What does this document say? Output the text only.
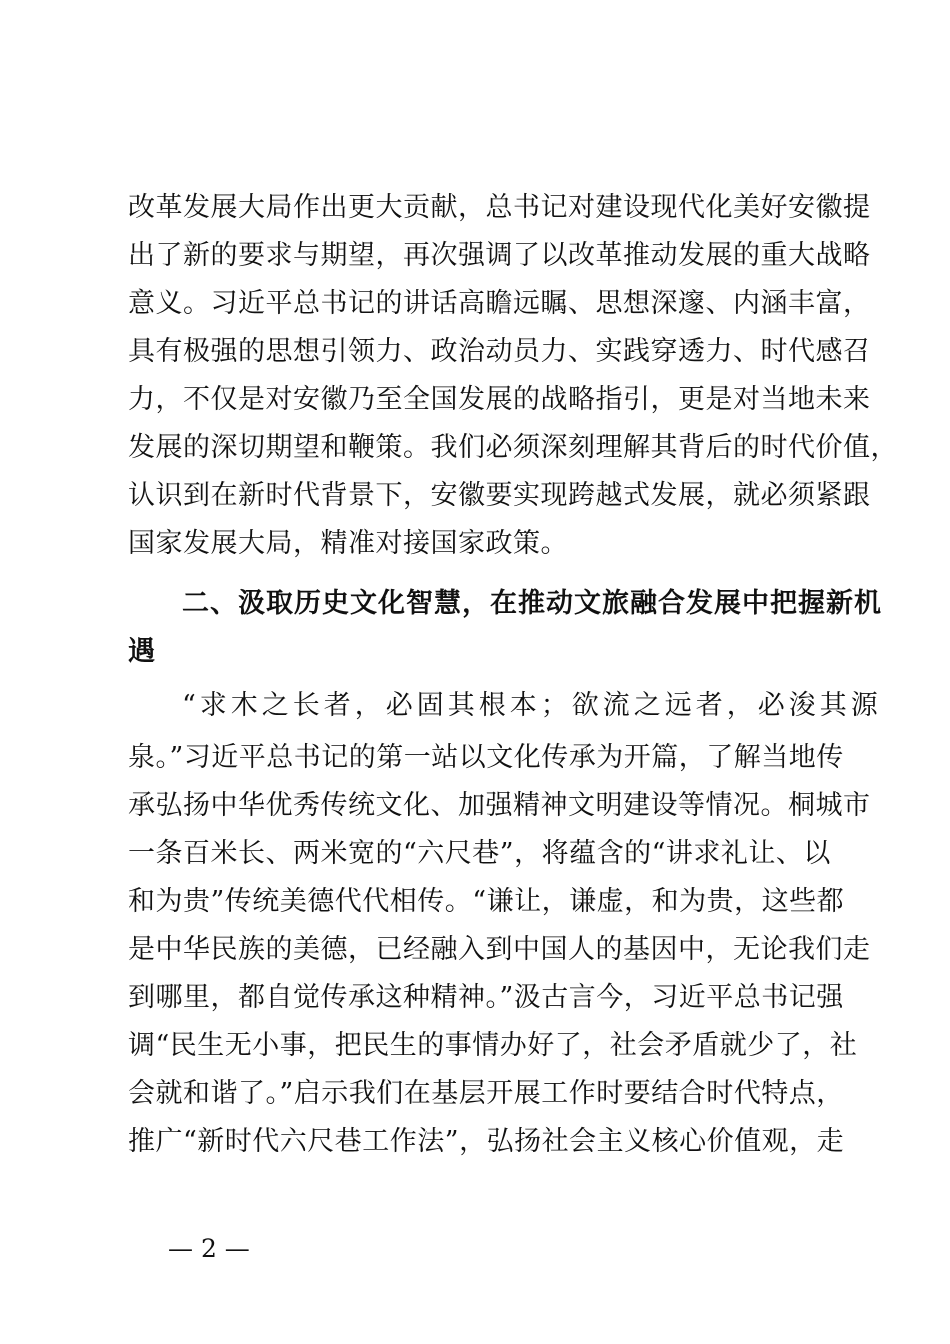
改革发展大局作出更大贡献，总书记对建设现代化美好安徽提
出了新的要求与期望，再次强调了以改革推动发展的重大战略
意义。习近平总书记的讲话高瞻远瞩、思想深邃、内涵丰富，
具有极强的思想引领力、政治动员力、实践穿透力、时代感召
力，不仅是对安徽乃至全国发展的战略指引，更是对当地未来
发展的深切期望和鞭策。我们必须深刻理解其背后的时代价值，
认识到在新时代背景下，安徽要实现跨越式发展，就必须紧跟
国家发展大局，精准对接国家政策。
二、汲取历史文化智慧，在推动文旅融合发展中把握新机
遇
“求木之长者，必固其根本；欲流之远者，必浚其源
泉。”习近平总书记的第一站以文化传承为开篇，了解当地传
承弘扬中华优秀传统文化、加强精神文明建设等情况。桐城市
一条百米长、两米宽的“六尺巷”，将蕴含的“讲求礼让、以
和为贵”传统美德代代相传。“谦让，谦虚，和为贵，这些都
是中华民族的美德，已经融入到中国人的基因中，无论我们走
到哪里，都自觉传承这种精神。”汲古言今，习近平总书记强
调“民生无小事，把民生的事情办好了，社会矛盾就少了，社
会就和谐了。”启示我们在基层开展工作时要结合时代特点，
推广“新时代六尺巷工作法”，弘扬社会主义核心价值观，走
— 2 —
